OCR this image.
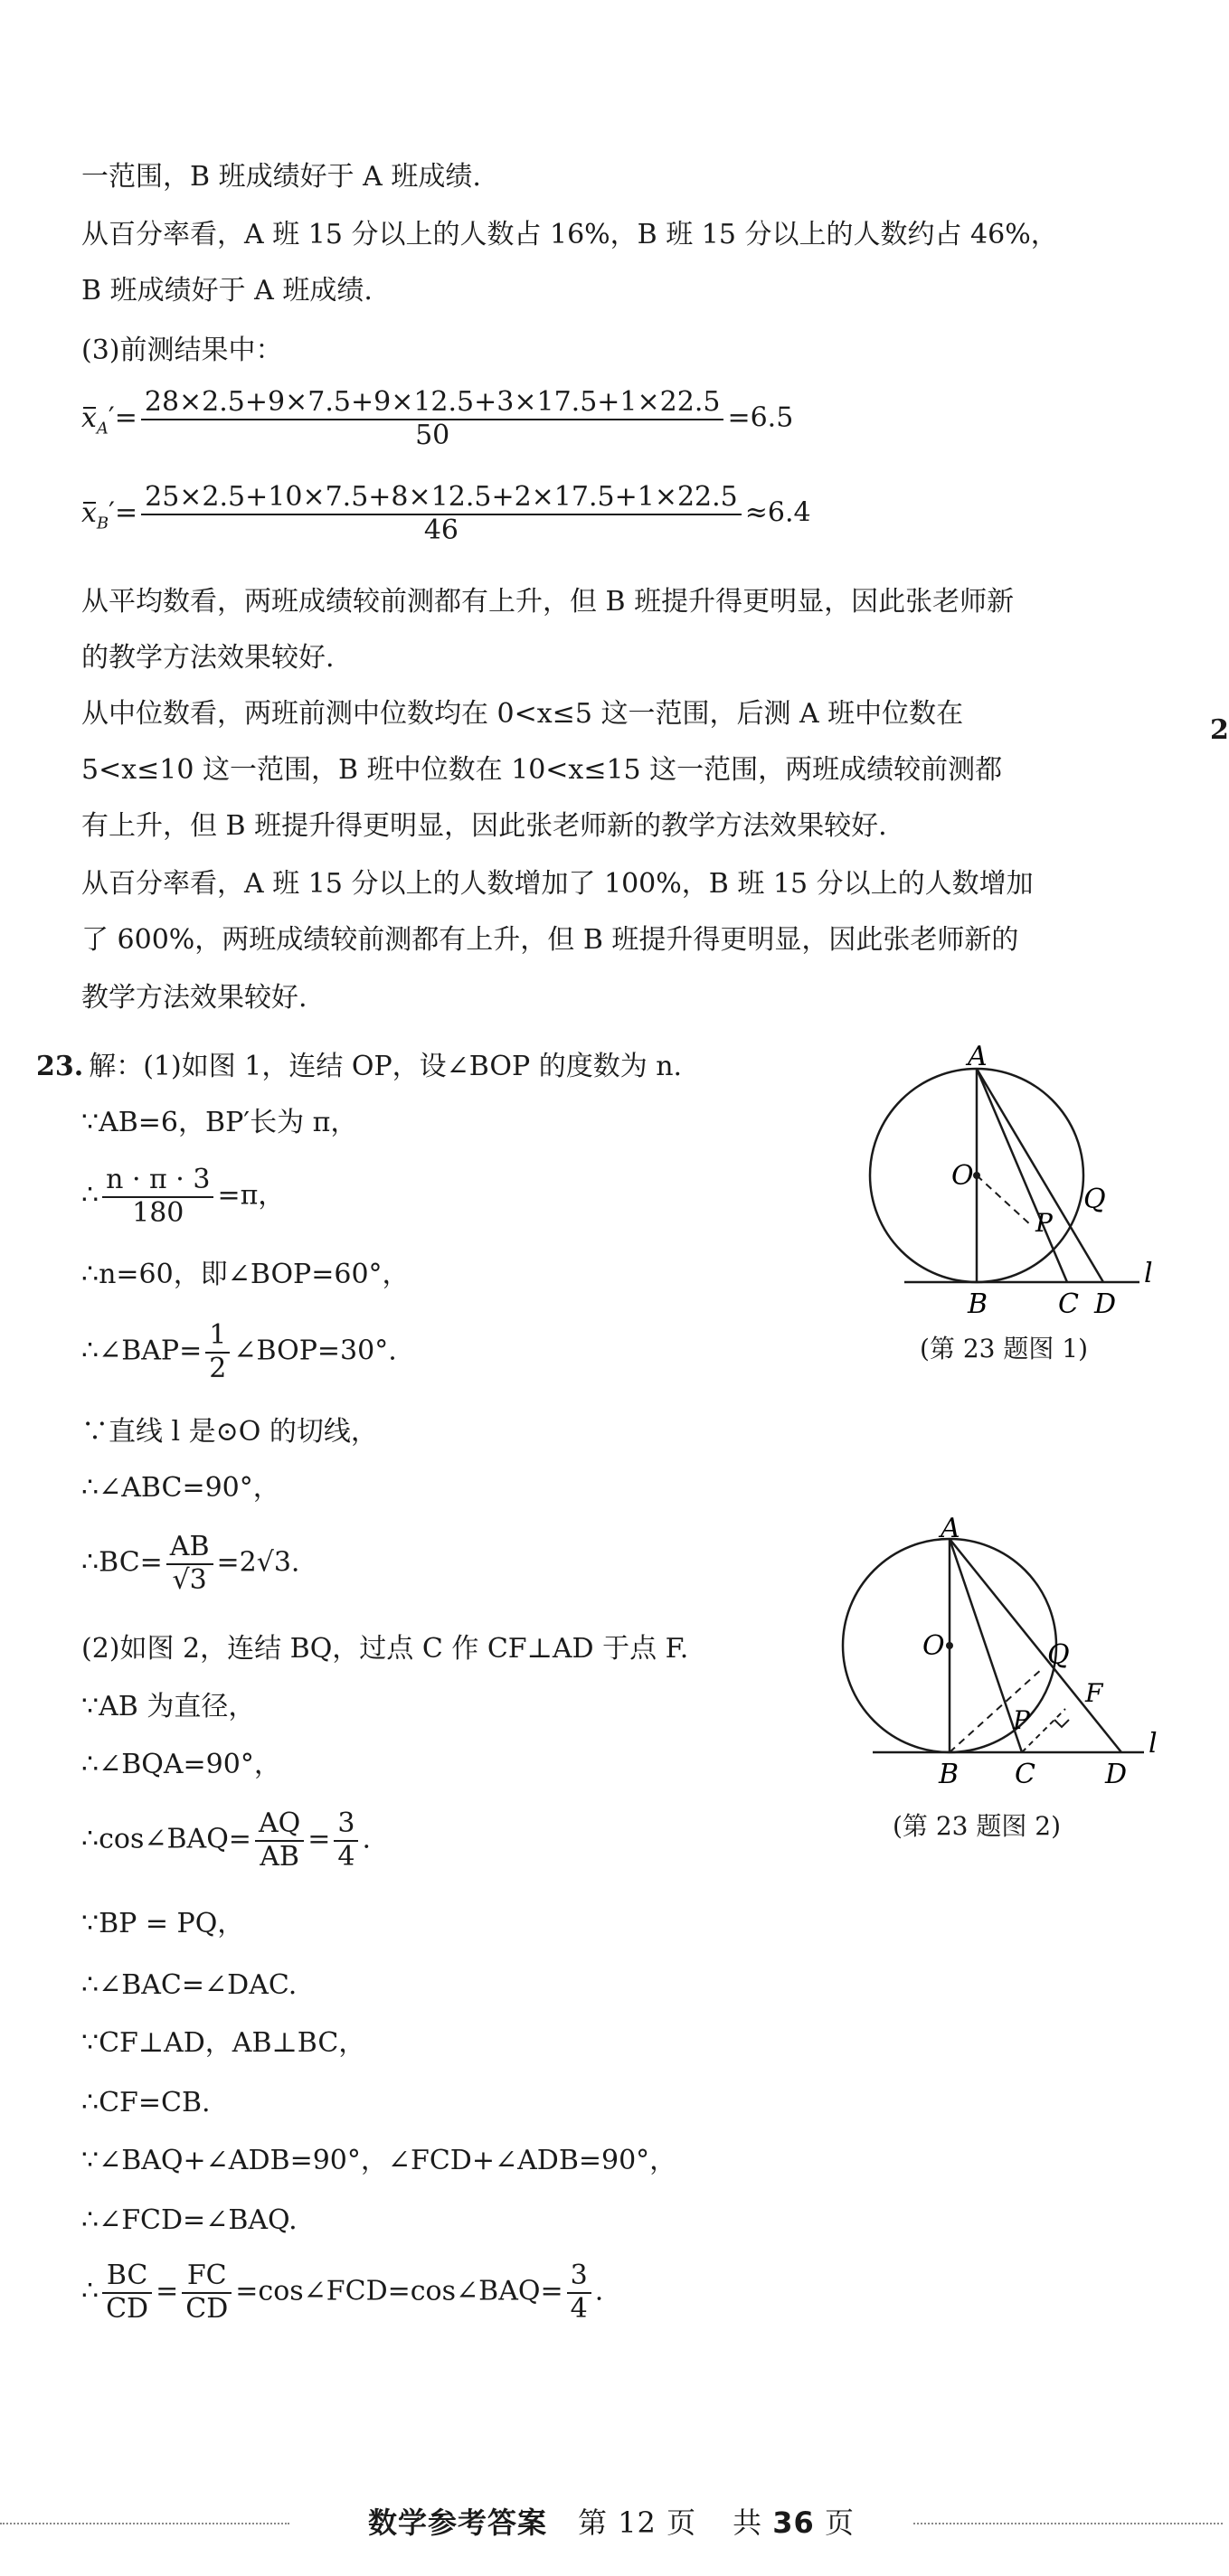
一范围，B 班成绩好于 A 班成绩.
从百分率看，A 班 15 分以上的人数占 16%，B 班 15 分以上的人数约占 46%，
B 班成绩好于 A 班成绩.
(3)前测结果中：
$x_A'= \frac{28\times 2.5+9\times 7.5+9\times 12.5+3\times 17.5+1\times 22.5}{50} =6.5$
$x_B'= \frac{25\times 2.5+10\times 7.5+8\times 12.5+2\times 17.5+1\times 22.5}{46} \approx 6.4$
从平均数看，两班成绩较前测都有上升，但 B 班提升得更明显，因此张老师新
的教学方法效果较好.
从中位数看，两班前测中位数均在 0<x≤5 这一范围，后测 A 班中位数在
5<x≤10 这一范围，B 班中位数在 10<x≤15 这一范围，两班成绩较前测都
有上升，但 B 班提升得更明显，因此张老师新的教学方法效果较好.
从百分率看，A 班 15 分以上的人数增加了 100%，B 班 15 分以上的人数增加
了 600%，两班成绩较前测都有上升，但 B 班提升得更明显，因此张老师新的
教学方法效果较好.
2
23. 解：(1)如图 1，连结 OP，设∠BOP 的度数为 n.
∵AB=6，BP′长为 π，
∴ $\frac{n \cdot \pi \cdot 3}{180} =\pi$，
∴n=60，即∠BOP=60°，
∴∠BAP= $\frac{1}{2}$ ∠BOP=30°.
∵直线 l 是⊙O 的切线，
∴∠ABC=90°，
∴BC= $\frac{AB}{√3} =2√3$.
(2)如图 2，连结 BQ，过点 C 作 CF⊥AD 于点 F.
∵AB 为直径，
∴∠BQA=90°，
∴cos∠BAQ= $\frac{AQ}{AB} = \frac{3}{4}$ .
∵BP = PQ，
∴∠BAC=∠DAC.
∵CF⊥AD，AB⊥BC，
∴CF=CB.
∵∠BAQ+∠ADB=90°，∠FCD+∠ADB=90°，
∴∠FCD=∠BAQ.
∴ $\frac{BC}{CD} = \frac{FC}{CD}$ =cos∠FCD=cos∠BAQ= $\frac{3}{4}$ .
A
O
Q
P
B	C D
l
(第 23 题图 1)
A
O	Q
P
F
B C	D
l
(第 23 题图 2)
数学参考答案 第 12 页 共 36 页
